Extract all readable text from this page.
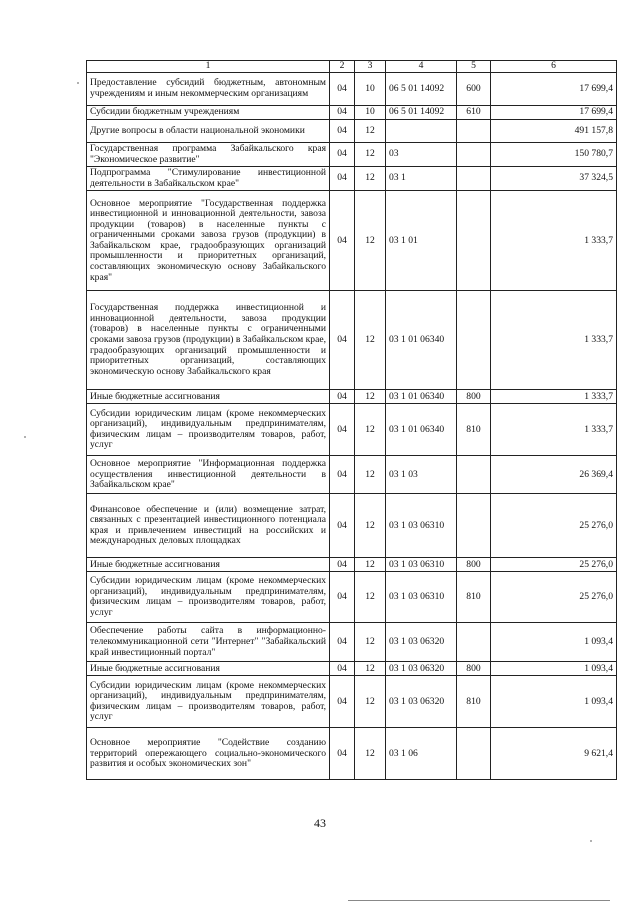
1	2	3	4	5	6
Предоставление субсидий бюджетным, автономным учреждениям и иным некоммерческим организациям	04	10	06 5 01 14092	600	17 699,4
Субсидии бюджетным учреждениям	04	10	06 5 01 14092	610	17 699,4
Другие вопросы в области национальной экономики	04	12			491 157,8
Государственная программа Забайкальского края "Экономическое развитие"	04	12	03		150 780,7
Подпрограмма "Стимулирование инвестиционной деятельности в Забайкальском крае"	04	12	03 1		37 324,5
Основное мероприятие "Государственная поддержка инвестиционной и инновационной деятельности, завоза продукции (товаров) в населенные пункты с ограниченными сроками завоза грузов (продукции) в Забайкальском крае, градообразующих организаций промышленности и приоритетных организаций, составляющих экономическую основу Забайкальского края"	04	12	03 1 01		1 333,7
Государственная поддержка инвестиционной и инновационной деятельности, завоза продукции (товаров) в населенные пункты с ограниченными сроками завоза грузов (продукции) в Забайкальском крае, градообразующих организаций промышленности и приоритетных организаций, составляющих экономическую основу Забайкальского края	04	12	03 1 01 06340		1 333,7
Иные бюджетные ассигнования	04	12	03 1 01 06340	800	1 333,7
Субсидии юридическим лицам (кроме некоммерческих организаций), индивидуальным предпринимателям, физическим лицам – производителям товаров, работ, услуг	04	12	03 1 01 06340	810	1 333,7
Основное мероприятие "Информационная поддержка осуществления инвестиционной деятельности в Забайкальском крае"	04	12	03 1 03		26 369,4
Финансовое обеспечение и (или) возмещение затрат, связанных с презентацией инвестиционного потенциала края и привлечением инвестиций на российских и международных деловых площадках	04	12	03 1 03 06310		25 276,0
Иные бюджетные ассигнования	04	12	03 1 03 06310	800	25 276,0
Субсидии юридическим лицам (кроме некоммерческих организаций), индивидуальным предпринимателям, физическим лицам – производителям товаров, работ, услуг	04	12	03 1 03 06310	810	25 276,0
Обеспечение работы сайта в информационно-телекоммуникационной сети "Интернет" "Забайкальский край инвестиционный портал"	04	12	03 1 03 06320		1 093,4
Иные бюджетные ассигнования	04	12	03 1 03 06320	800	1 093,4
Субсидии юридическим лицам (кроме некоммерческих организаций), индивидуальным предпринимателям, физическим лицам – производителям товаров, работ, услуг	04	12	03 1 03 06320	810	1 093,4
Основное мероприятие "Содействие созданию территорий опережающего социально-экономического развития и особых экономических зон"	04	12	03 1 06		9 621,4
43
